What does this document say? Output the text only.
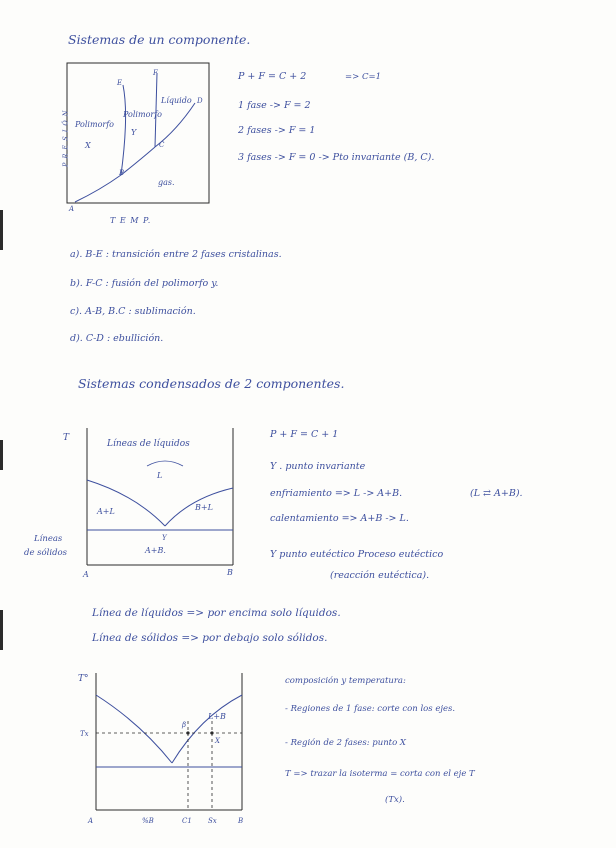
Sistemas de un componente.
Polimorfo
X
Polimorfo
Y
Líquido
gas.
A
B
C
D
E
F
T E M P.
P R E S I Ó N
P + F = C + 2	=> C=1
1 fase -> F = 2
2 fases -> F = 1
3 fases -> F = 0 -> Pto invariante (B, C).
a). B-E : transición entre 2 fases cristalinas.
b). F-C : fusión del polimorfo y.
c). A-B, B.C : sublimación.
d). C-D : ebullición.
Sistemas condensados de 2 componentes.
T
Líneas de líquidos
L
A+L	B+L
A+B.
Y
A	B
Líneas
de sólidos
P + F = C + 1
Y . punto invariante
enfriamiento => L -> A+B.	(L ⇄ A+B).
calentamiento => A+B -> L.
Y punto eutéctico Proceso eutéctico
(reacción eutéctica).
Línea de líquidos => por encima solo líquidos.
Línea de sólidos => por debajo solo sólidos.
T°
Tx
L+B
β
X
A	%B	C1 Sx	B
composición y temperatura:
- Regiones de 1 fase: corte con los ejes.
- Región de 2 fases: punto X
T => trazar la isoterma = corta con el eje T
(Tx).
